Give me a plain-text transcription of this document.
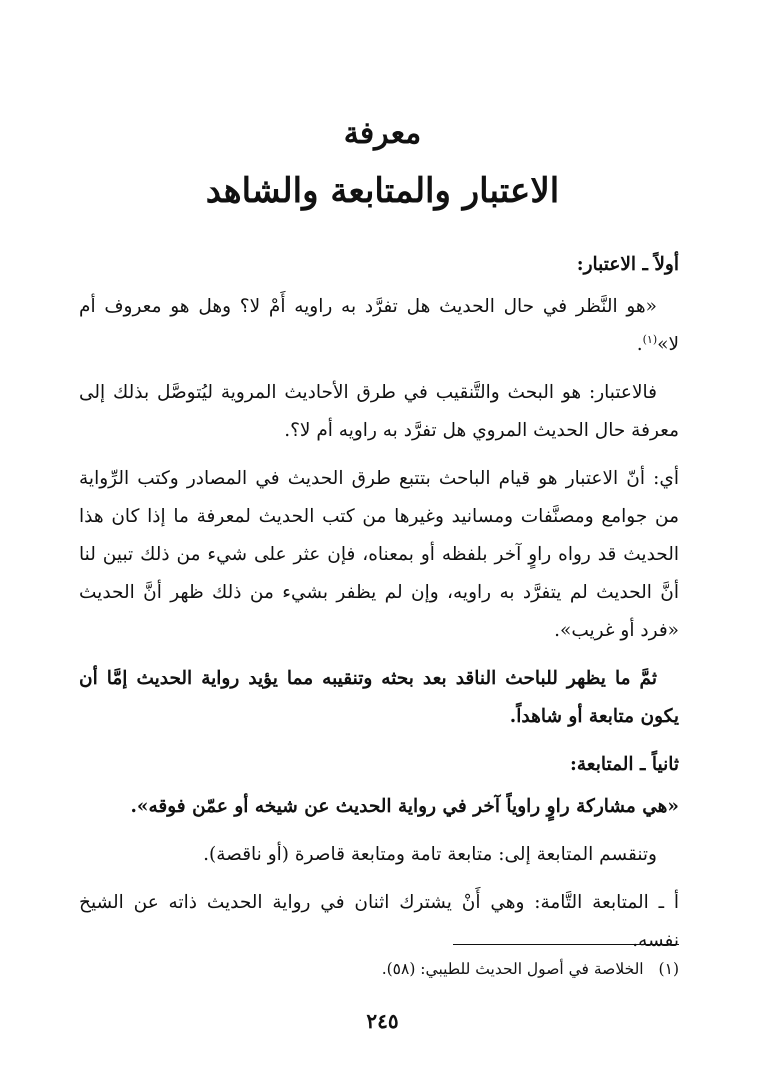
معرفة
الاعتبار والمتابعة والشاهد
أولاً ـ الاعتبار:
«هو النَّظر في حال الحديث هل تفرَّد به راويه أَمْ لا؟ وهل هو معروف أم لا»$^{(١)}$.
فالاعتبار: هو البحث والتَّنقيب في طرق الأحاديث المروية ليُتوصَّل بذلك إلى معرفة حال الحديث المروي هل تفرَّد به راويه أم لا؟.
أي: أنّ الاعتبار هو قيام الباحث بتتبع طرق الحديث في المصادر وكتب الرِّواية من جوامع ومصنَّفات ومسانيد وغيرها من كتب الحديث لمعرفة ما إذا كان هذا الحديث قد رواه راوٍ آخر بلفظه أو بمعناه، فإن عثر على شيء من ذلك تبين لنا أنَّ الحديث لم يتفرَّد به راويه، وإن لم يظفر بشيء من ذلك ظهر أنَّ الحديث «فرد أو غريب».
ثمَّ ما يظهر للباحث الناقد بعد بحثه وتنقيبه مما يؤيد رواية الحديث إمَّا أن يكون متابعة أو شاهداً.
ثانياً ـ المتابعة:
«هي مشاركة راوٍ راوياً آخر في رواية الحديث عن شيخه أو عمّن فوقه».
وتنقسم المتابعة إلى: متابعة تامة ومتابعة قاصرة (أو ناقصة).
أ ـ المتابعة التَّامة: وهي أَنْ يشترك اثنان في رواية الحديث ذاته عن الشيخ نفسه.
(١) الخلاصة في أصول الحديث للطيبي: (٥٨).
٢٤٥
